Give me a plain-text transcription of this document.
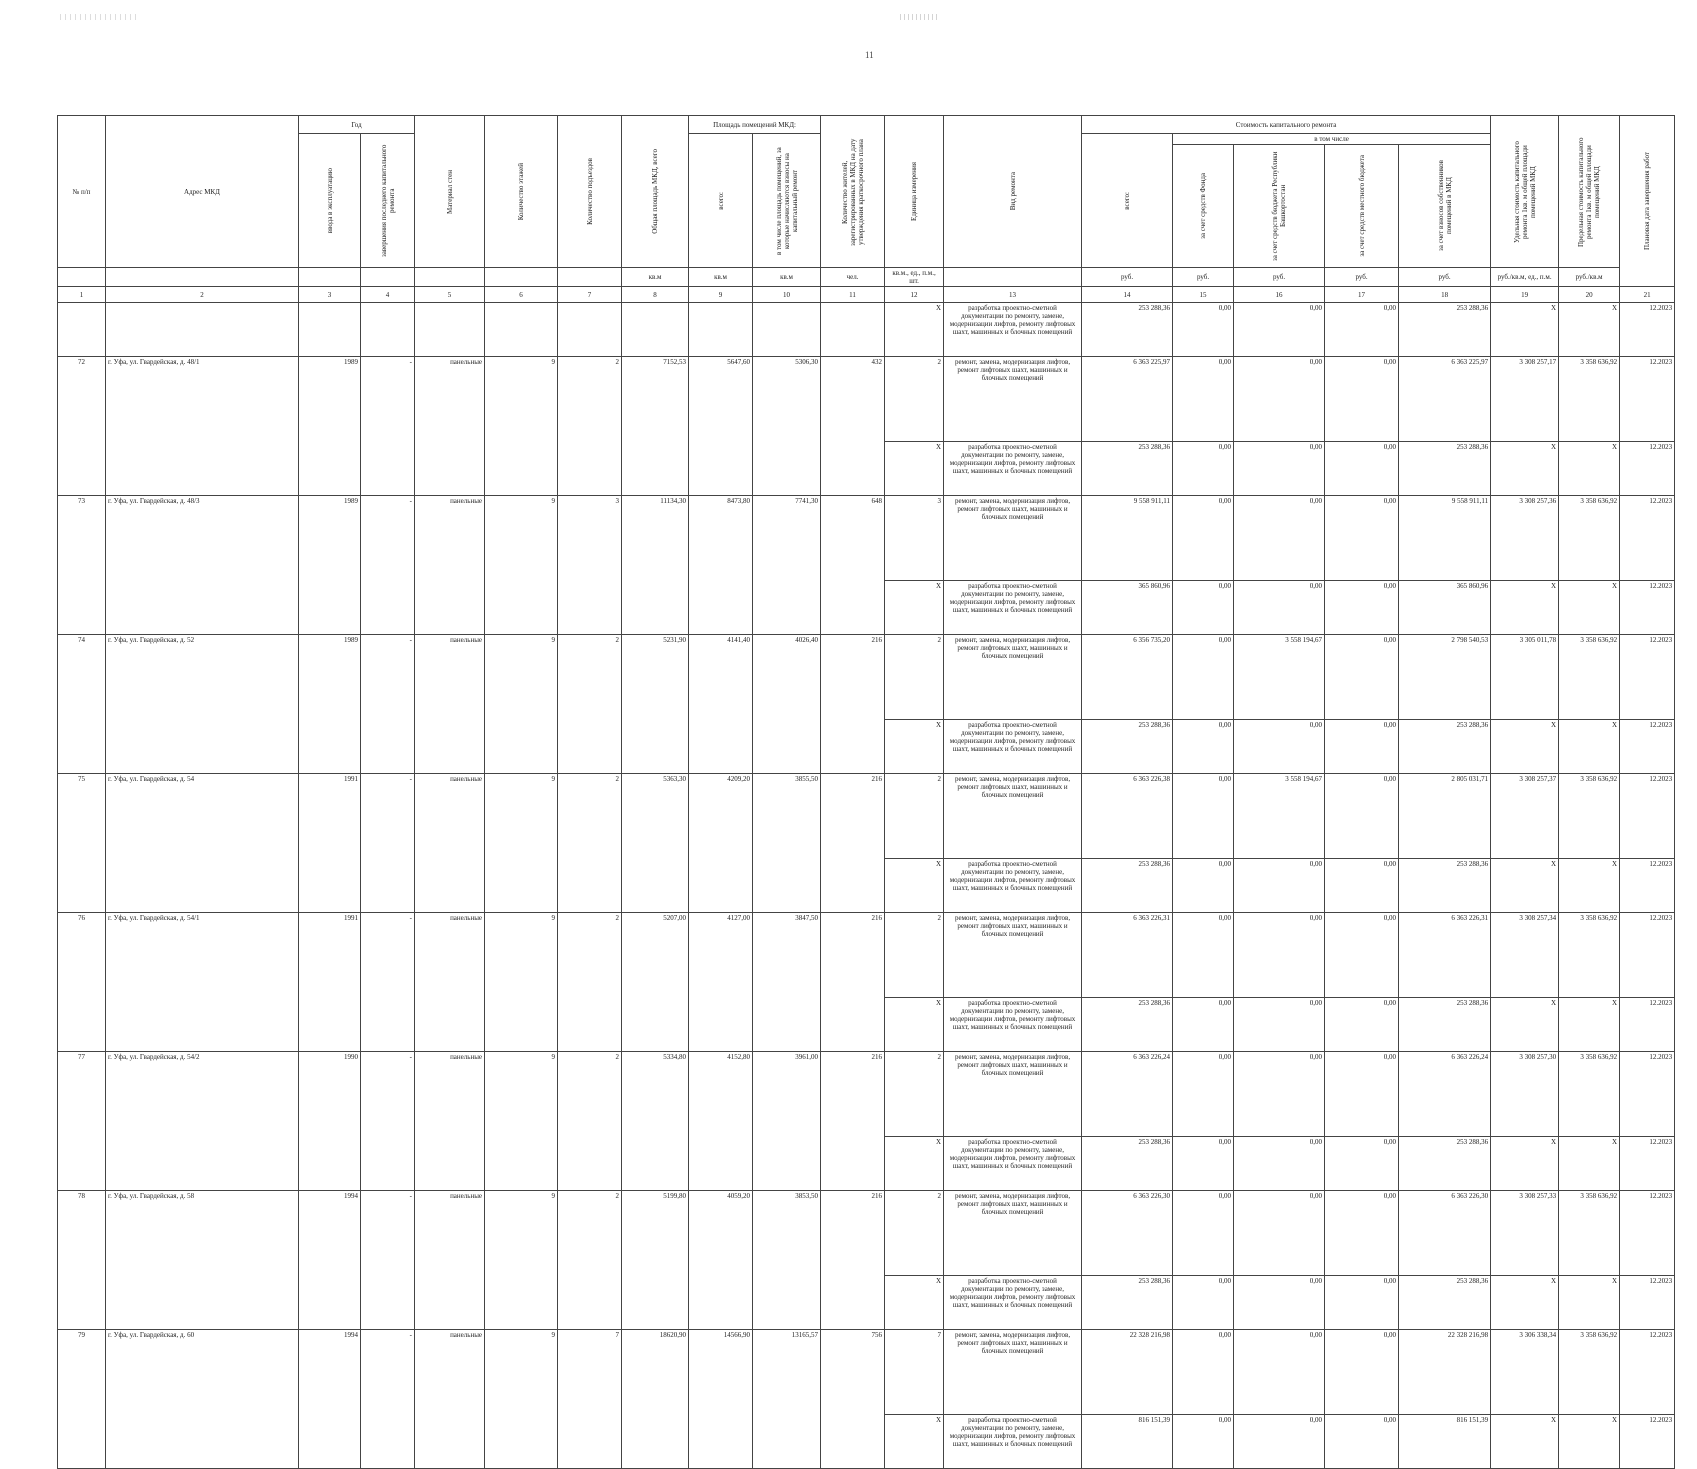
11
№ п/п	Адрес МКД	Год		Материал стен	Количество этажей	Количество подъездов	Общая площадь МКД, всего	Площадь помещений МКД:		Количество жителей, зарегистрированных в МКД на дату утверждения краткосрочного плана	Единица измерения	Вид ремонта	Стоимость капитального ремонта					Удельная стоимость капитального ремонта 1кв. м общей площади помещений МКД	Предельная стоимость капитального ремонта 1кв. м общей площади помещений МКД	Плановая дата завершения работ

		ввода в эксплуатацию	завершения последнего капитального ремонта					всего:	в том числе площадь помещений, за которые начисляются взносы на капитальный ремонт				всего:	в том числе						

														за счет средств Фонда	за счет средств бюджета Республики Башкортостан	за счет средств местного бюджета	за счет взносов собственников помещений в МКД			

							кв.м	кв.м	кв.м	чел.	кв.м., ед., п.м., шт.		руб.	руб.	руб.	руб.	руб.	руб./кв.м, ед., п.м.	руб./кв.м	
1	2	3	4	5	6	7	8	9	10	11	12	13	14	15	16	17	18	19	20	21
											X	разработка проектно-сметной документации по ремонту, замене, модернизации лифтов, ремонту лифтовых шахт, машинных и блочных помещений	253 288,36	0,00	0,00	0,00	253 288,36	X	X	12.2023
72	г. Уфа, ул. Гвардейская, д. 48/1	1989	-	панельные	9	2	7152,53	5647,60	5306,30	432	2	ремонт, замена, модернизация лифтов, ремонт лифтовых шахт, машинных и блочных помещений	6 363 225,97	0,00	0,00	0,00	6 363 225,97	3 308 257,17	3 358 636,92	12.2023
											X	разработка проектно-сметной документации по ремонту, замене, модернизации лифтов, ремонту лифтовых шахт, машинных и блочных помещений	253 288,36	0,00	0,00	0,00	253 288,36	X	X	12.2023
73	г. Уфа, ул. Гвардейская, д. 48/3	1989	-	панельные	9	3	11134,30	8473,80	7741,30	648	3	ремонт, замена, модернизация лифтов, ремонт лифтовых шахт, машинных и блочных помещений	9 558 911,11	0,00	0,00	0,00	9 558 911,11	3 308 257,36	3 358 636,92	12.2023
											X	разработка проектно-сметной документации по ремонту, замене, модернизации лифтов, ремонту лифтовых шахт, машинных и блочных помещений	365 860,96	0,00	0,00	0,00	365 860,96	X	X	12.2023
74	г. Уфа, ул. Гвардейская, д. 52	1989	-	панельные	9	2	5231,90	4141,40	4026,40	216	2	ремонт, замена, модернизация лифтов, ремонт лифтовых шахт, машинных и блочных помещений	6 356 735,20	0,00	3 558 194,67	0,00	2 798 540,53	3 305 011,78	3 358 636,92	12.2023
											X	разработка проектно-сметной документации по ремонту, замене, модернизации лифтов, ремонту лифтовых шахт, машинных и блочных помещений	253 288,36	0,00	0,00	0,00	253 288,36	X	X	12.2023
75	г. Уфа, ул. Гвардейская, д. 54	1991	-	панельные	9	2	5363,30	4209,20	3855,50	216	2	ремонт, замена, модернизация лифтов, ремонт лифтовых шахт, машинных и блочных помещений	6 363 226,38	0,00	3 558 194,67	0,00	2 805 031,71	3 308 257,37	3 358 636,92	12.2023
											X	разработка проектно-сметной документации по ремонту, замене, модернизации лифтов, ремонту лифтовых шахт, машинных и блочных помещений	253 288,36	0,00	0,00	0,00	253 288,36	X	X	12.2023
76	г. Уфа, ул. Гвардейская, д. 54/1	1991	-	панельные	9	2	5207,00	4127,00	3847,50	216	2	ремонт, замена, модернизация лифтов, ремонт лифтовых шахт, машинных и блочных помещений	6 363 226,31	0,00	0,00	0,00	6 363 226,31	3 308 257,34	3 358 636,92	12.2023
											X	разработка проектно-сметной документации по ремонту, замене, модернизации лифтов, ремонту лифтовых шахт, машинных и блочных помещений	253 288,36	0,00	0,00	0,00	253 288,36	X	X	12.2023
77	г. Уфа, ул. Гвардейская, д. 54/2	1990	-	панельные	9	2	5334,80	4152,80	3961,00	216	2	ремонт, замена, модернизация лифтов, ремонт лифтовых шахт, машинных и блочных помещений	6 363 226,24	0,00	0,00	0,00	6 363 226,24	3 308 257,30	3 358 636,92	12.2023
											X	разработка проектно-сметной документации по ремонту, замене, модернизации лифтов, ремонту лифтовых шахт, машинных и блочных помещений	253 288,36	0,00	0,00	0,00	253 288,36	X	X	12.2023
78	г. Уфа, ул. Гвардейская, д. 58	1994	-	панельные	9	2	5199,80	4059,20	3853,50	216	2	ремонт, замена, модернизация лифтов, ремонт лифтовых шахт, машинных и блочных помещений	6 363 226,30	0,00	0,00	0,00	6 363 226,30	3 308 257,33	3 358 636,92	12.2023
											X	разработка проектно-сметной документации по ремонту, замене, модернизации лифтов, ремонту лифтовых шахт, машинных и блочных помещений	253 288,36	0,00	0,00	0,00	253 288,36	X	X	12.2023
79	г. Уфа, ул. Гвардейская, д. 60	1994	-	панельные	9	7	18620,90	14566,90	13165,57	756	7	ремонт, замена, модернизация лифтов, ремонт лифтовых шахт, машинных и блочных помещений	22 328 216,98	0,00	0,00	0,00	22 328 216,98	3 306 338,34	3 358 636,92	12.2023
											X	разработка проектно-сметной документации по ремонту, замене, модернизации лифтов, ремонту лифтовых шахт, машинных и блочных помещений	816 151,39	0,00	0,00	0,00	816 151,39	X	X	12.2023
